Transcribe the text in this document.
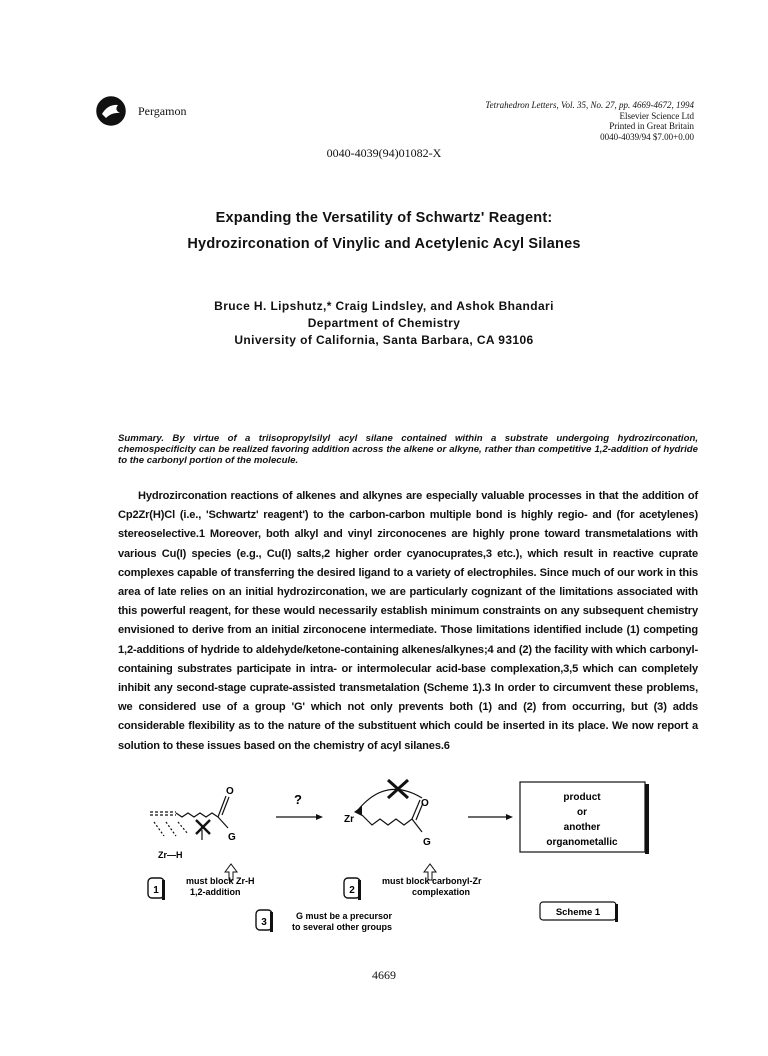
Pergamon	Tetrahedron Letters, Vol. 35, No. 27, pp. 4669-4672, 1994
Elsevier Science Ltd
Printed in Great Britain
0040-4039/94 $7.00+0.00
0040-4039(94)01082-X
Expanding the Versatility of Schwartz' Reagent:
Hydrozirconation of Vinylic and Acetylenic Acyl Silanes
Bruce H. Lipshutz,* Craig Lindsley, and Ashok Bhandari
Department of Chemistry
University of California, Santa Barbara, CA 93106
Summary. By virtue of a triisopropylsilyl acyl silane contained within a substrate undergoing hydrozirconation, chemospecificity can be realized favoring addition across the alkene or alkyne, rather than competitive 1,2-addition of hydride to the carbonyl portion of the molecule.

Hydrozirconation reactions of alkenes and alkynes are especially valuable processes in that the addition of Cp2Zr(H)Cl (i.e., 'Schwartz' reagent') to the carbon-carbon multiple bond is highly regio- and (for acetylenes) stereoselective.1 Moreover, both alkyl and vinyl zirconocenes are highly prone toward transmetalations with various Cu(I) species (e.g., Cu(I) salts,2 higher order cyanocuprates,3 etc.), which result in reactive cuprate complexes capable of transferring the desired ligand to a variety of electrophiles. Since much of our work in this area of late relies on an initial hydrozirconation, we are particularly cognizant of the limitations associated with this powerful reagent, for these would necessarily establish minimum constraints on any subsequent chemistry envisioned to derive from an initial zirconocene intermediate. Those limitations identified include (1) competing 1,2-additions of hydride to aldehyde/ketone-containing alkenes/alkynes;4 and (2) the facility with which carbonyl-containing substrates participate in intra- or intermolecular acid-base complexation,3,5 which can completely inhibit any second-stage cuprate-assisted transmetalation (Scheme 1).3 In order to circumvent these problems, we considered use of a group 'G' which not only prevents both (1) and (2) from occurring, but (3) adds considerable flexibility as to the nature of the substituent which could be inserted in its place. We now report a solution to these issues based on the chemistry of acyl silanes.6

O
G
Zr—H
?
Zr
O
G
product
or
another
organometallic
1
must block Zr-H
1,2-addition	2
must block carbonyl-Zr
complexation
3
G must be a precursor
to several other groups
Scheme 1
4669
